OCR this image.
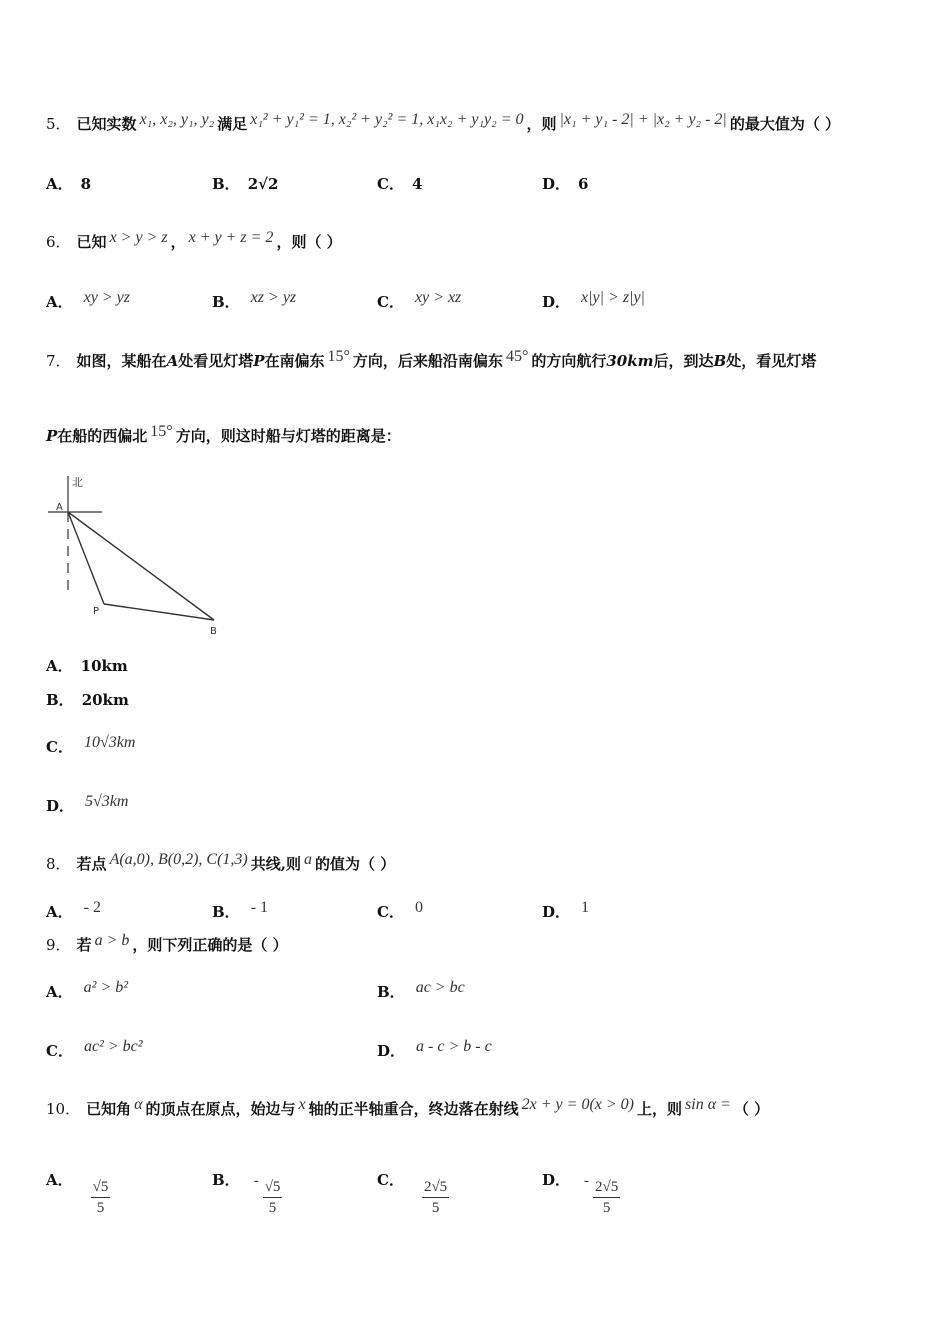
5． 已知实数 x₁, x₂, y₁, y₂ 满足 x₁² + y₁² = 1, x₂² + y₂² = 1, x₁x₂ + y₁y₂ = 0 ，则 |x₁ + y₁ - 2| + |x₂ + y₂ - 2| 的最大值为（ ）
A． 8	B． 2√2	C． 4	D． 6
6． 已知 x > y > z ， x + y + z = 2 ，则（ ）
A． xy > yz	B． xz > yz	C． xy > xz	D． x|y| > z|y|
7． 如图，某船在 A 处看见灯塔 P 在南偏东 15° 方向，后来船沿南偏东 45° 的方向航行 30km 后，到达 B 处，看见灯塔
P 在船的西偏北 15° 方向，则这时船与灯塔的距离是：
北
A
P
B
A． 10km
B． 20km
C． 10√3km
D． 5√3km
8． 若点 A(a,0), B(0,2), C(1,3) 共线,则 a 的值为（ ）
A． - 2	B． - 1	C． 0	D． 1
9． 若 a > b ，则下列正确的是（ ）
A． a² > b²	B． ac > bc
C． ac² > bc²	D． a - c > b - c
10． 已知角 α 的顶点在原点，始边与 x 轴的正半轴重合，终边落在射线 2x + y = 0(x > 0) 上，则 sin α = （ ）
A． $\frac{√5}{5}$	B． - $\frac{√5}{5}$	C． $\frac{2√5}{5}$	D． - $\frac{2√5}{5}$
